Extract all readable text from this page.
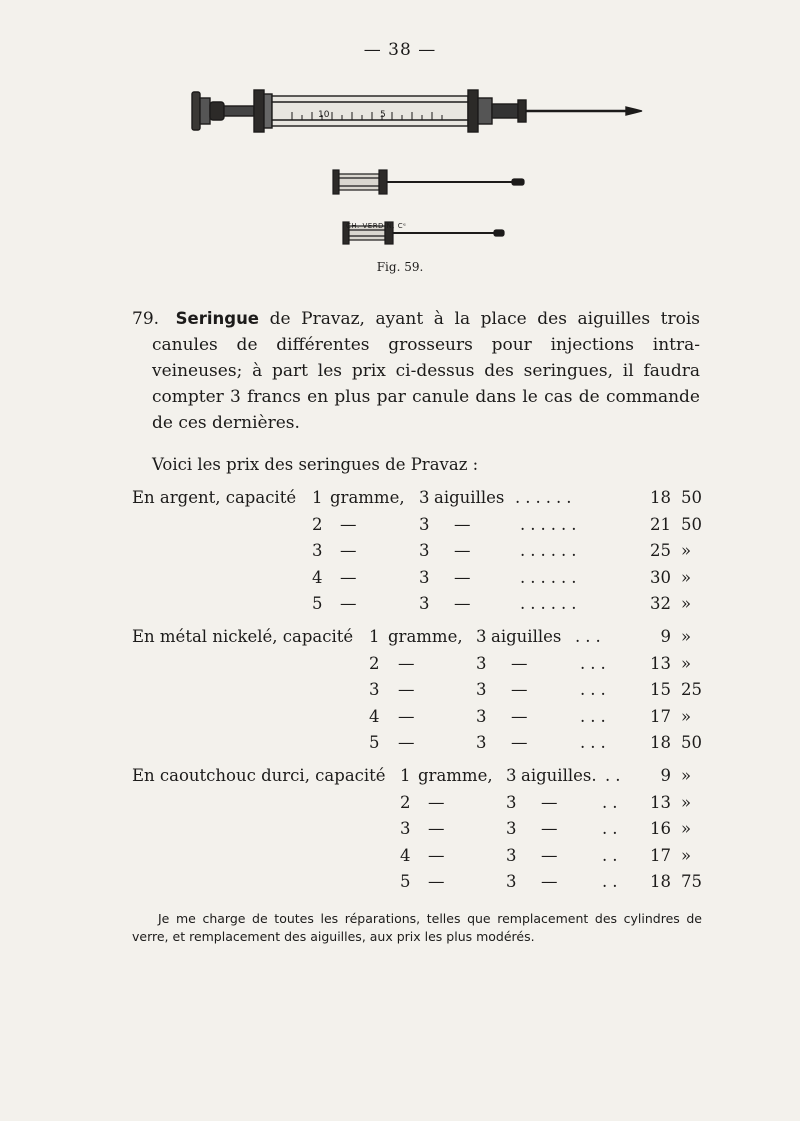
— 38 —
10	5
CH. VERDIN, Cᵉ
Fig. 59.
79. Seringue de Pravaz, ayant à la place des aiguilles trois canules de différentes grosseurs pour injections intra-veineuses; à part les prix ci-dessus des seringues, il faudra compter 3 francs en plus par canule dans le cas de commande de ces dernières.
Voici les prix des seringues de Pravaz :
En argent, capacité 1 gramme, 3 aiguilles ......	18 50
2 —	3 —	......	21 50
3 —	3 —	......	25 »
4 —	3 —	......	30 »
5 —	3 —	......	32 »
En métal nickelé, capacité 1 gramme, 3 aiguilles ...	9 »
2 —	3 —	...	13 »
3 —	3 —	...	15 25
4 —	3 —	...	17 »
5 —	3 —	...	18 50
En caoutchouc durci, capacité 1 gramme, 3 aiguilles. ..	9 »
2 —	3 —	..	13 »
3 —	3 —	..	16 »
4 —	3 —	..	17 »
5 —	3 —	..	18 75
Je me charge de toutes les réparations, telles que remplacement des cylindres de verre, et remplacement des aiguilles, aux prix les plus modérés.
